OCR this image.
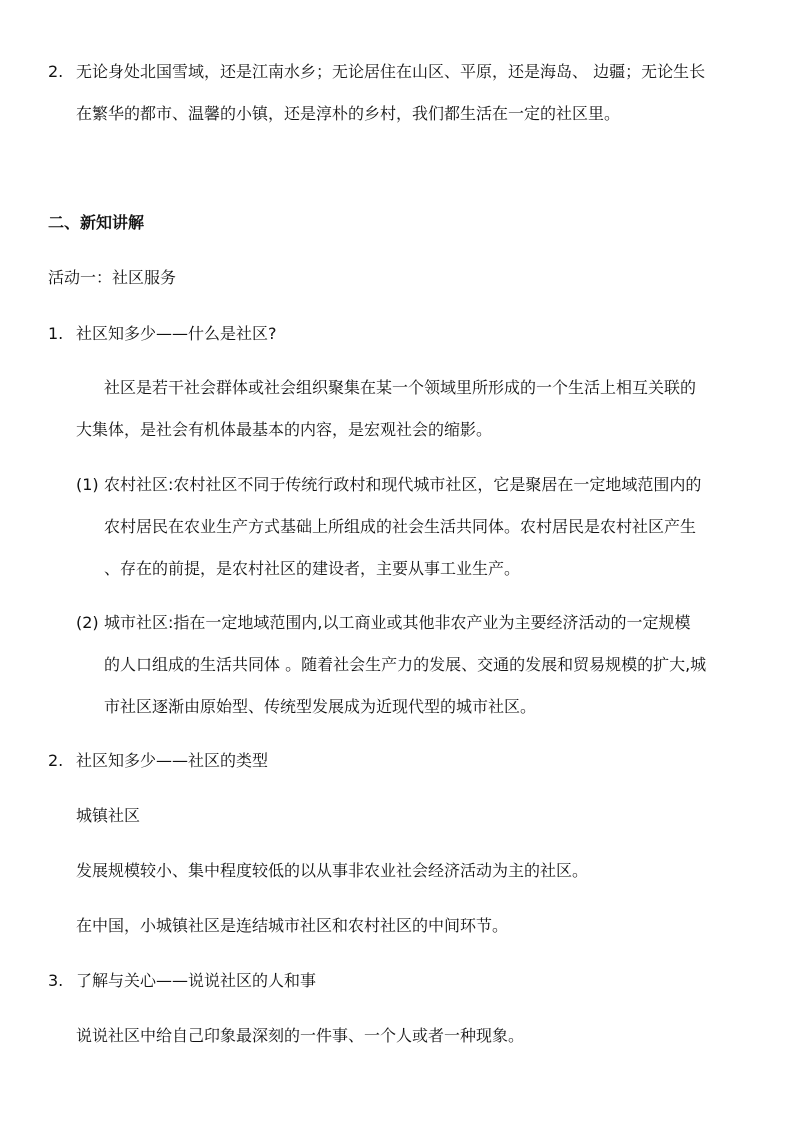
2. 无论身处北国雪域，还是江南水乡；无论居住在山区、平原，还是海岛、 边疆；无论生长
在繁华的都市、温馨的小镇，还是淳朴的乡村，我们都生活在一定的社区里。
二、新知讲解
活动一：社区服务
1. 社区知多少——什么是社区?
社区是若干社会群体或社会组织聚集在某一个领域里所形成的一个生活上相互关联的
大集体，是社会有机体最基本的内容，是宏观社会的缩影。
(1) 农村社区:农村社区不同于传统行政村和现代城市社区，它是聚居在一定地域范围内的
农村居民在农业生产方式基础上所组成的社会生活共同体。农村居民是农村社区产生
、存在的前提，是农村社区的建设者，主要从事工业生产。
(2) 城市社区:指在一定地域范围内,以工商业或其他非农产业为主要经济活动的一定规模
的人口组成的生活共同体 。随着社会生产力的发展、交通的发展和贸易规模的扩大,城
市社区逐渐由原始型、传统型发展成为近现代型的城市社区。
2. 社区知多少——社区的类型
城镇社区
发展规模较小、集中程度较低的以从事非农业社会经济活动为主的社区。
在中国，小城镇社区是连结城市社区和农村社区的中间环节。
3. 了解与关心——说说社区的人和事
说说社区中给自己印象最深刻的一件事、一个人或者一种现象。
